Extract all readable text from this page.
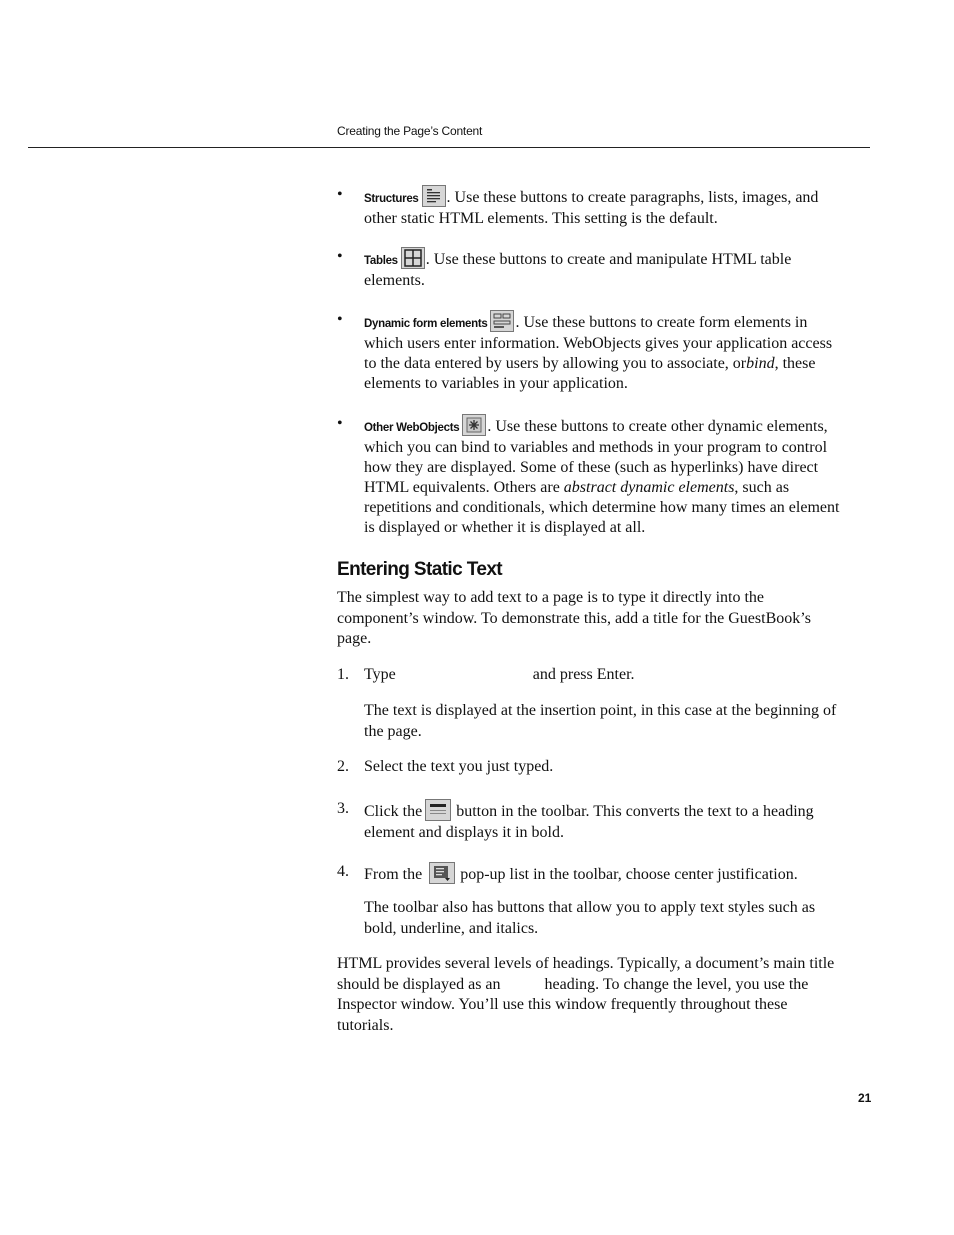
Creating the Page’s Content
• Structures . Use these buttons to create paragraphs, lists, images, and other static HTML elements. This setting is the default.
• Tables . Use these buttons to create and manipulate HTML table elements.
• Dynamic form elements . Use these buttons to create form elements in which users enter information. WebObjects gives your application access to the data entered by users by allowing you to associate, orbind, these elements to variables in your application.
• Other WebObjects . Use these buttons to create other dynamic elements, which you can bind to variables and methods in your program to control how they are displayed. Some of these (such as hyperlinks) have direct HTML equivalents. Others are abstract dynamic elements, such as repetitions and conditionals, which determine how many times an element is displayed or whether it is displayed at all.
Entering Static Text

The simplest way to add text to a page is to type it directly into the component’s window. To demonstrate this, add a title for the GuestBook’s page.

1. Type	and press Enter.
The text is displayed at the insertion point, in this case at the beginning of the page.
2. Select the text you just typed.
3. Click the button in the toolbar. This converts the text to a heading element and displays it in bold.
4. From the pop-up list in the toolbar, choose center justification.
The toolbar also has buttons that allow you to apply text styles such as bold, underline, and italics.

HTML provides several levels of headings. Typically, a document’s main title should be displayed as an	heading. To change the level, you use the Inspector window. You’ll use this window frequently throughout these tutorials.

21
